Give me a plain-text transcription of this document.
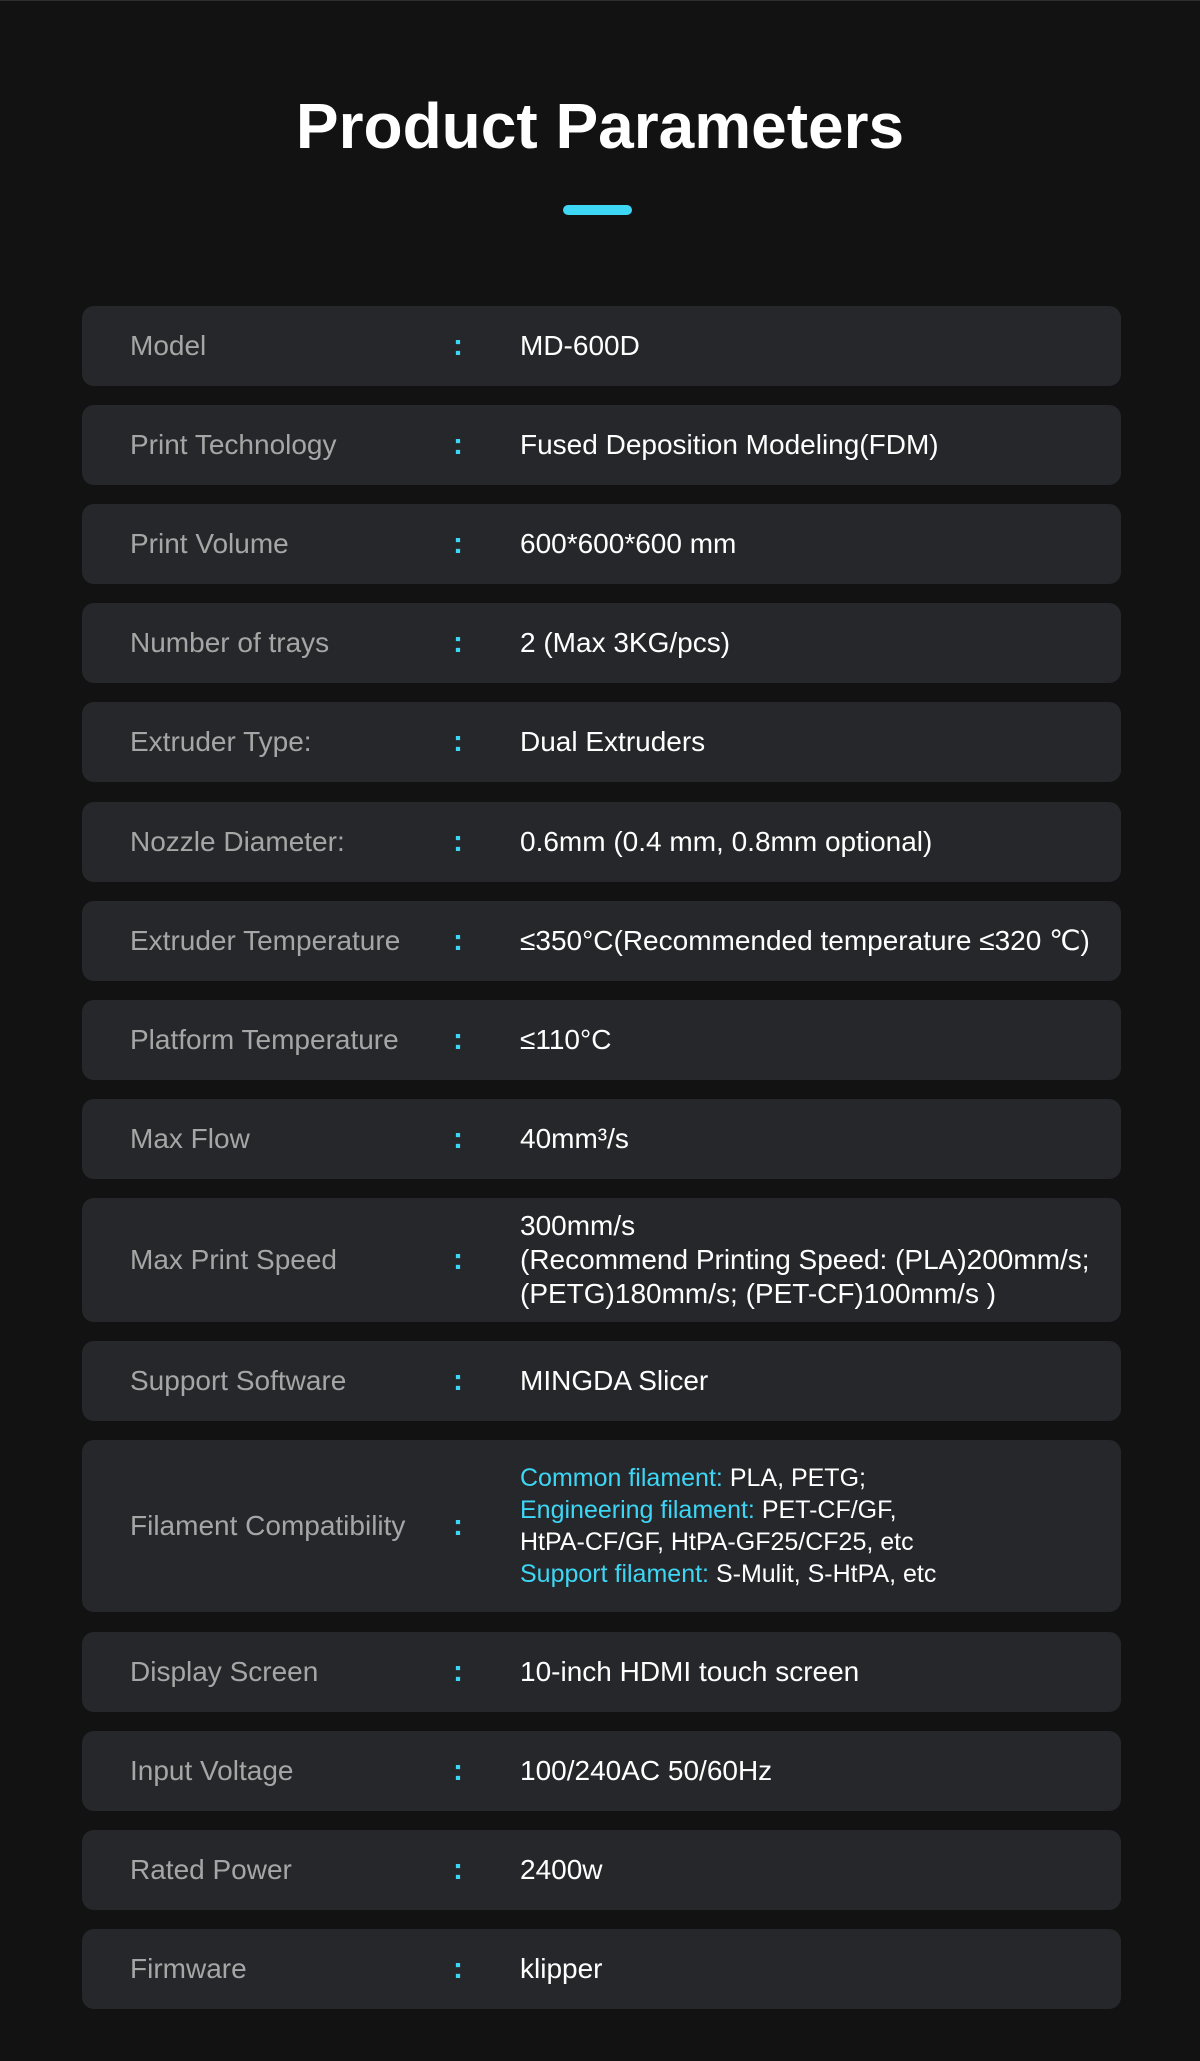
Product Parameters
Model	: MD-600D
Print Technology	: Fused Deposition Modeling(FDM)
Print Volume	: 600*600*600 mm
Number of trays	: 2 (Max 3KG/pcs)
Extruder Type:	: Dual Extruders
Nozzle Diameter:	: 0.6mm (0.4 mm, 0.8mm optional)
Extruder Temperature : ≤350°C(Recommended temperature ≤320 ℃)
Platform Temperature : ≤110°C
Max Flow	: 40mm³/s
Max Print Speed	:
300mm/s
(Recommend Printing Speed: (PLA)200mm/s;
(PETG)180mm/s; (PET-CF)100mm/s )
Support Software	: MINGDA Slicer
Filament Compatibility :
Common filament: PLA, PETG;
Engineering filament: PET-CF/GF,
HtPA-CF/GF, HtPA-GF25/CF25, etc
Support filament: S-Mulit, S-HtPA, etc
Display Screen	: 10-inch HDMI touch screen
Input Voltage	: 100/240AC 50/60Hz
Rated Power	: 2400w
Firmware	: klipper
